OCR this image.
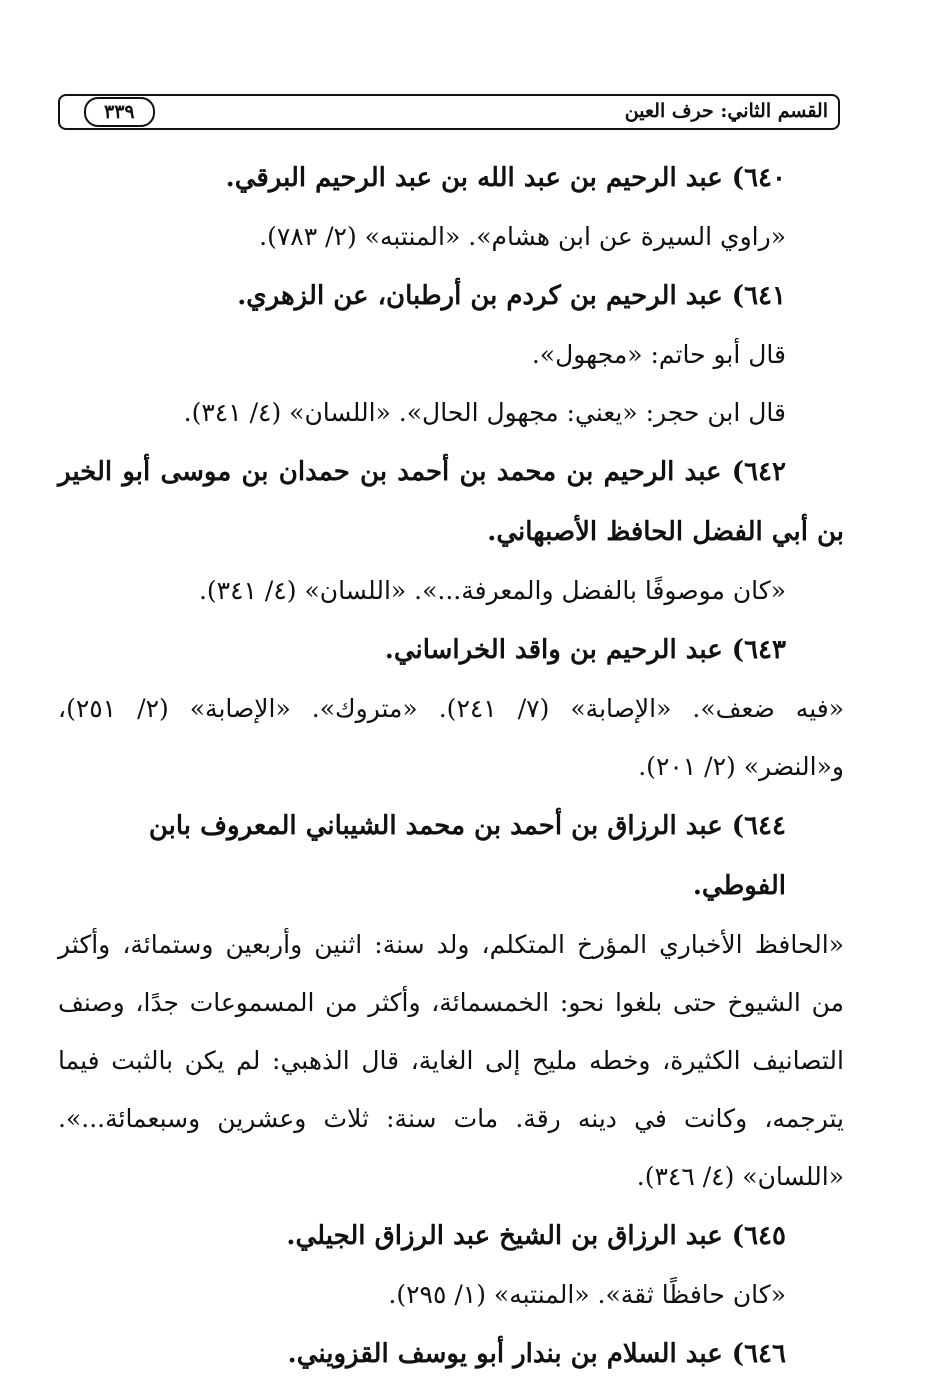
القسم الثاني: حرف العين
٣٣٩

٦٤٠) عبد الرحيم بن عبد الله بن عبد الرحيم البرقي.

«راوي السيرة عن ابن هشام». «المنتبه» (٢/ ٧٨٣).

٦٤١) عبد الرحيم بن كردم بن أرطبان، عن الزهري.

قال أبو حاتم: «مجهول».

قال ابن حجر: «يعني: مجهول الحال». «اللسان» (٤/ ٣٤١).

٦٤٢) عبد الرحيم بن محمد بن أحمد بن حمدان بن موسى أبو الخير بن أبي الفضل الحافظ الأصبهاني.

«كان موصوفًا بالفضل والمعرفة...». «اللسان» (٤/ ٣٤١).

٦٤٣) عبد الرحيم بن واقد الخراساني.

«فيه ضعف». «الإصابة» (٧/ ٢٤١). «متروك». «الإصابة» (٢/ ٢٥١)، و«النضر» (٢/ ٢٠١).

٦٤٤) عبد الرزاق بن أحمد بن محمد الشيباني المعروف بابن الفوطي.

«الحافظ الأخباري المؤرخ المتكلم، ولد سنة: اثنين وأربعين وستمائة، وأكثر من الشيوخ حتى بلغوا نحو: الخمسمائة، وأكثر من المسموعات جدًا، وصنف التصانيف الكثيرة، وخطه مليح إلى الغاية، قال الذهبي: لم يكن بالثبت فيما يترجمه، وكانت في دينه رقة. مات سنة: ثلاث وعشرين وسبعمائة...». «اللسان» (٤/ ٣٤٦).

٦٤٥) عبد الرزاق بن الشيخ عبد الرزاق الجيلي.

«كان حافظًا ثقة». «المنتبه» (١/ ٢٩٥).

٦٤٦) عبد السلام بن بندار أبو يوسف القزويني.
